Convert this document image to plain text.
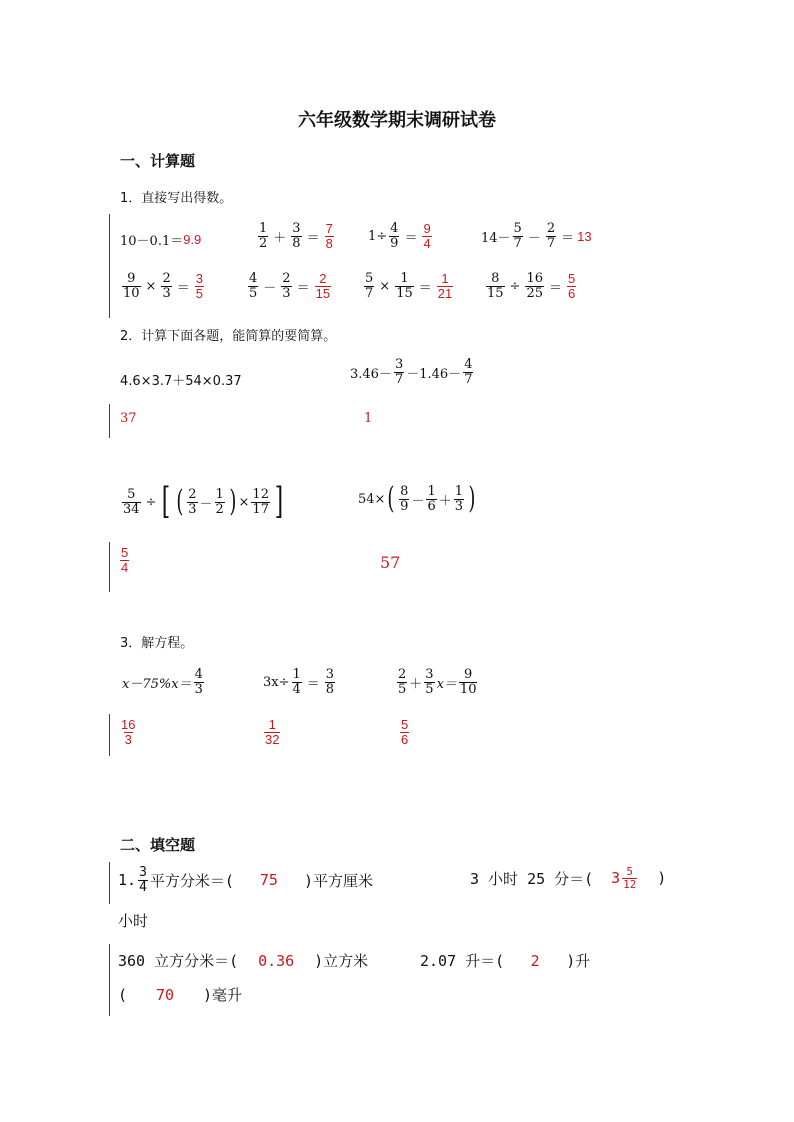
六年级数学期末调研试卷
一、计算题
1．直接写出得数。
10－0.1＝ 9.9	$\frac{1}{2} + \frac{3}{8} = \frac{7}{8}$	$1\div \frac{4}{9} = \frac{9}{4}$	$14- \frac{5}{7} - \frac{2}{7} = 13$
$\frac{9}{10} \times \frac{2}{3} = \frac{3}{5}$	$\frac{4}{5} - \frac{2}{3} = \frac{2}{15}$	$\frac{5}{7} \times \frac{1}{15} = \frac{1}{21}$	$\frac{8}{15} \div \frac{16}{25} = \frac{5}{6}$
2．计算下面各题，能简算的要简算。
4.6×3.7＋54×0.37	$3.46- \frac{3}{7} -1.46- \frac{4}{7}$
37	1
$\frac{5}{34}$ ÷ [ ( $\frac{2}{3} - \frac{1}{2}$ ) × $\frac{12}{17}$ ]	54× ( $\frac{8}{9} - \frac{1}{6} + \frac{1}{3}$ )
$\frac{5}{4}$	57
3．解方程。
$x-75\%x= \frac{4}{3}$	$3x\div \frac{1}{4} = \frac{3}{8}$	$\frac{2}{5} + \frac{3}{5} x= \frac{9}{10}$
$\frac{16}{3}$	$\frac{1}{32}$	$\frac{5}{6}$
二、填空题
1. $\frac{3}{4}$ 平方分米＝(	75	)平方厘米	3 小时 25 分＝( $3 \frac{5}{12}$ )
小时
360 立方分米＝(	0.36	)立方米	2.07 升＝(	2	)升
(	70	)毫升
